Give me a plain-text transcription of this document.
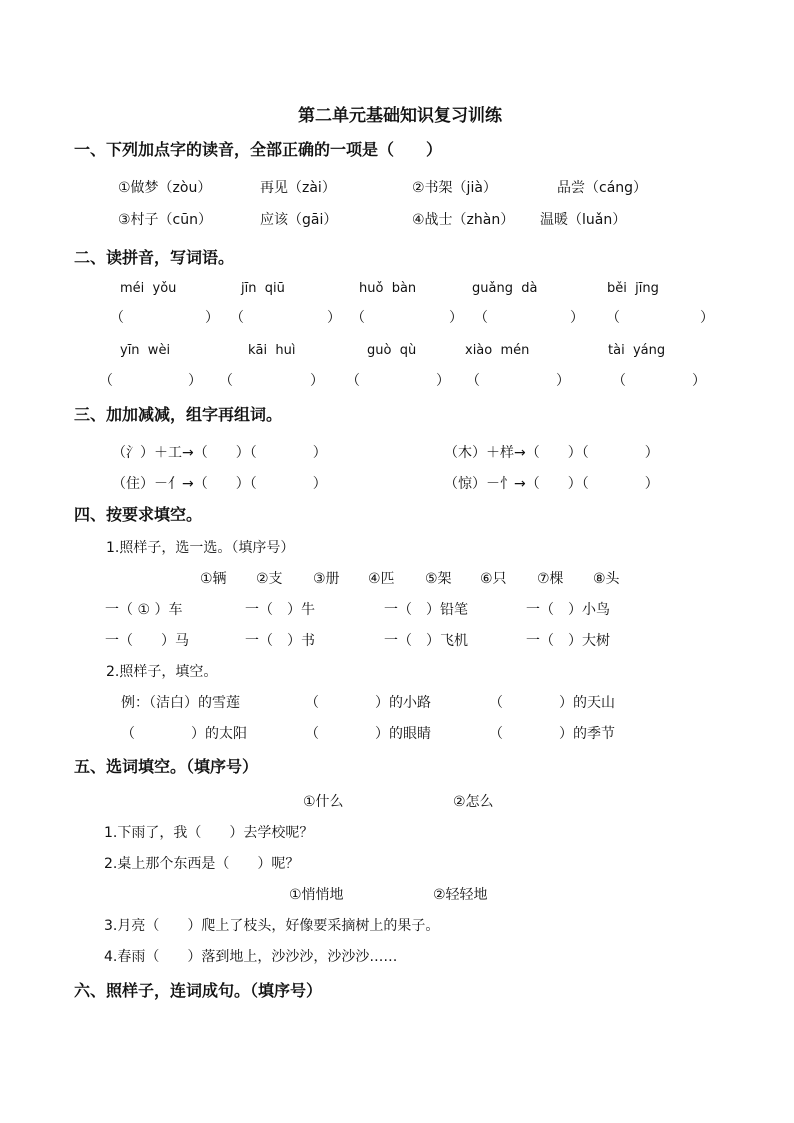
第二单元基础知识复习训练
一、下列加点字的读音，全部正确的一项是（　　）
①做梦（zòu）	再见（zài）	②书架（jià）	品尝（cáng）
③村子（cūn）	应该（gāi）	④战士（zhàn） 温暖（luǎn）
二、读拼音，写词语。
méi  yǒu	jīn  qiū	huǒ  bàn	guǎng  dà	běi  jīng
（	） （	） （	） （	） （	）
yīn  wèi	kāi  huì	guò  qù	xiào  mén	tài  yáng
（	） （	） （	） （	）	（	）
三、加加减减，组字再组词。
（氵）＋工→（　　）（　　　　）	（木）＋样→（　　）（　　　　）
（住）－亻→（　　）（　　　　）	（惊）－忄→（　　）（　　　　）
四、按要求填空。
1.照样子，选一选。（填序号）
①辆 ②支 ③册 ④匹 ⑤架 ⑥只 ⑦棵 ⑧头
一（ ① ）车	一（　）牛	一（　）铅笔	一（　）小鸟
一（　　）马	一（　）书	一（　）飞机	一（　）大树
2.照样子，填空。
例：（洁白）的雪莲	（　　　　）的小路	（　　　　）的天山
（　　　　）的太阳	（　　　　）的眼睛	（　　　　）的季节
五、选词填空。（填序号）
①什么	②怎么
1.下雨了，我（　　）去学校呢？
2.桌上那个东西是（　　）呢？
①悄悄地	②轻轻地
3.月亮（　　）爬上了枝头，好像要采摘树上的果子。
4.春雨（　　）落到地上，沙沙沙，沙沙沙……
六、照样子，连词成句。（填序号）
